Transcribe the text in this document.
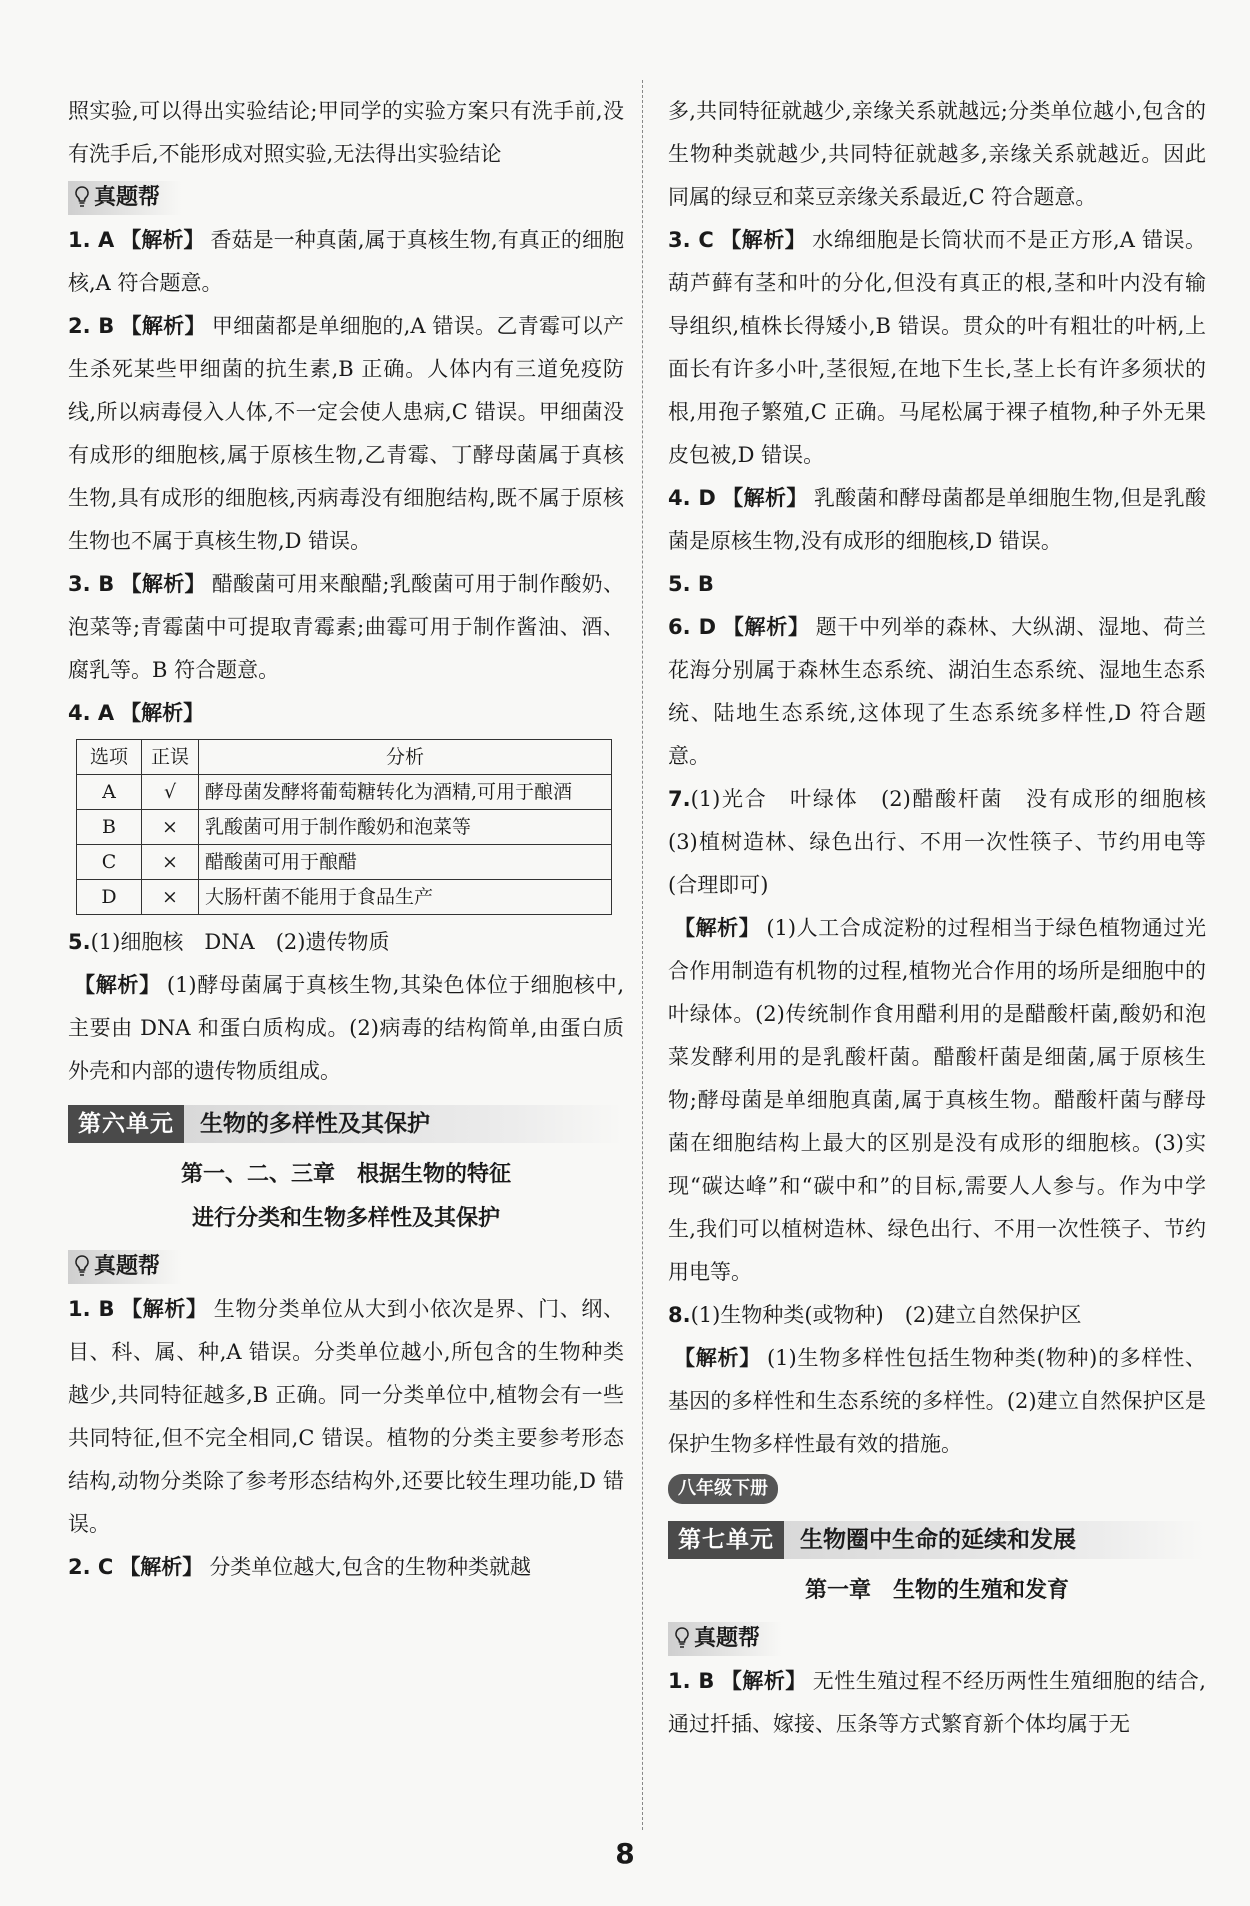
照实验,可以得出实验结论;甲同学的实验方案只有洗手前,没有洗手后,不能形成对照实验,无法得出实验结论

真题帮

1. A 【解析】 香菇是一种真菌,属于真核生物,有真正的细胞核,A 符合题意。

2. B 【解析】 甲细菌都是单细胞的,A 错误。乙青霉可以产生杀死某些甲细菌的抗生素,B 正确。人体内有三道免疫防线,所以病毒侵入人体,不一定会使人患病,C 错误。甲细菌没有成形的细胞核,属于原核生物,乙青霉、丁酵母菌属于真核生物,具有成形的细胞核,丙病毒没有细胞结构,既不属于原核生物也不属于真核生物,D 错误。

3. B 【解析】 醋酸菌可用来酿醋;乳酸菌可用于制作酸奶、泡菜等;青霉菌中可提取青霉素;曲霉可用于制作酱油、酒、腐乳等。B 符合题意。

4. A 【解析】

选项	正误	分析
A	√	酵母菌发酵将葡萄糖转化为酒精,可用于酿酒
B	×	乳酸菌可用于制作酸奶和泡菜等
C	×	醋酸菌可用于酿醋
D	×	大肠杆菌不能用于食品生产

5.(1)细胞核　DNA　(2)遗传物质

【解析】 (1)酵母菌属于真核生物,其染色体位于细胞核中,主要由 DNA 和蛋白质构成。(2)病毒的结构简单,由蛋白质外壳和内部的遗传物质组成。

第六单元	生物的多样性及其保护
第一、二、三章　根据生物的特征
进行分类和生物多样性及其保护
真题帮

1. B 【解析】 生物分类单位从大到小依次是界、门、纲、目、科、属、种,A 错误。分类单位越小,所包含的生物种类越少,共同特征越多,B 正确。同一分类单位中,植物会有一些共同特征,但不完全相同,C 错误。植物的分类主要参考形态结构,动物分类除了参考形态结构外,还要比较生理功能,D 错误。

2. C 【解析】 分类单位越大,包含的生物种类就越

多,共同特征就越少,亲缘关系就越远;分类单位越小,包含的生物种类就越少,共同特征就越多,亲缘关系就越近。因此同属的绿豆和菜豆亲缘关系最近,C 符合题意。

3. C 【解析】 水绵细胞是长筒状而不是正方形,A 错误。葫芦藓有茎和叶的分化,但没有真正的根,茎和叶内没有输导组织,植株长得矮小,B 错误。贯众的叶有粗壮的叶柄,上面长有许多小叶,茎很短,在地下生长,茎上长有许多须状的根,用孢子繁殖,C 正确。马尾松属于裸子植物,种子外无果皮包被,D 错误。

4. D 【解析】 乳酸菌和酵母菌都是单细胞生物,但是乳酸菌是原核生物,没有成形的细胞核,D 错误。

5. B

6. D 【解析】 题干中列举的森林、大纵湖、湿地、荷兰花海分别属于森林生态系统、湖泊生态系统、湿地生态系统、陆地生态系统,这体现了生态系统多样性,D 符合题意。

7.(1)光合　叶绿体　(2)醋酸杆菌　没有成形的细胞核　(3)植树造林、绿色出行、不用一次性筷子、节约用电等(合理即可)

【解析】 (1)人工合成淀粉的过程相当于绿色植物通过光合作用制造有机物的过程,植物光合作用的场所是细胞中的叶绿体。(2)传统制作食用醋利用的是醋酸杆菌,酸奶和泡菜发酵利用的是乳酸杆菌。醋酸杆菌是细菌,属于原核生物;酵母菌是单细胞真菌,属于真核生物。醋酸杆菌与酵母菌在细胞结构上最大的区别是没有成形的细胞核。(3)实现“碳达峰”和“碳中和”的目标,需要人人参与。作为中学生,我们可以植树造林、绿色出行、不用一次性筷子、节约用电等。

8.(1)生物种类(或物种)　(2)建立自然保护区

【解析】 (1)生物多样性包括生物种类(物种)的多样性、基因的多样性和生态系统的多样性。(2)建立自然保护区是保护生物多样性最有效的措施。

八年级下册
第七单元	生物圈中生命的延续和发展
第一章　生物的生殖和发育
真题帮

1. B 【解析】 无性生殖过程不经历两性生殖细胞的结合,通过扦插、嫁接、压条等方式繁育新个体均属于无

8
